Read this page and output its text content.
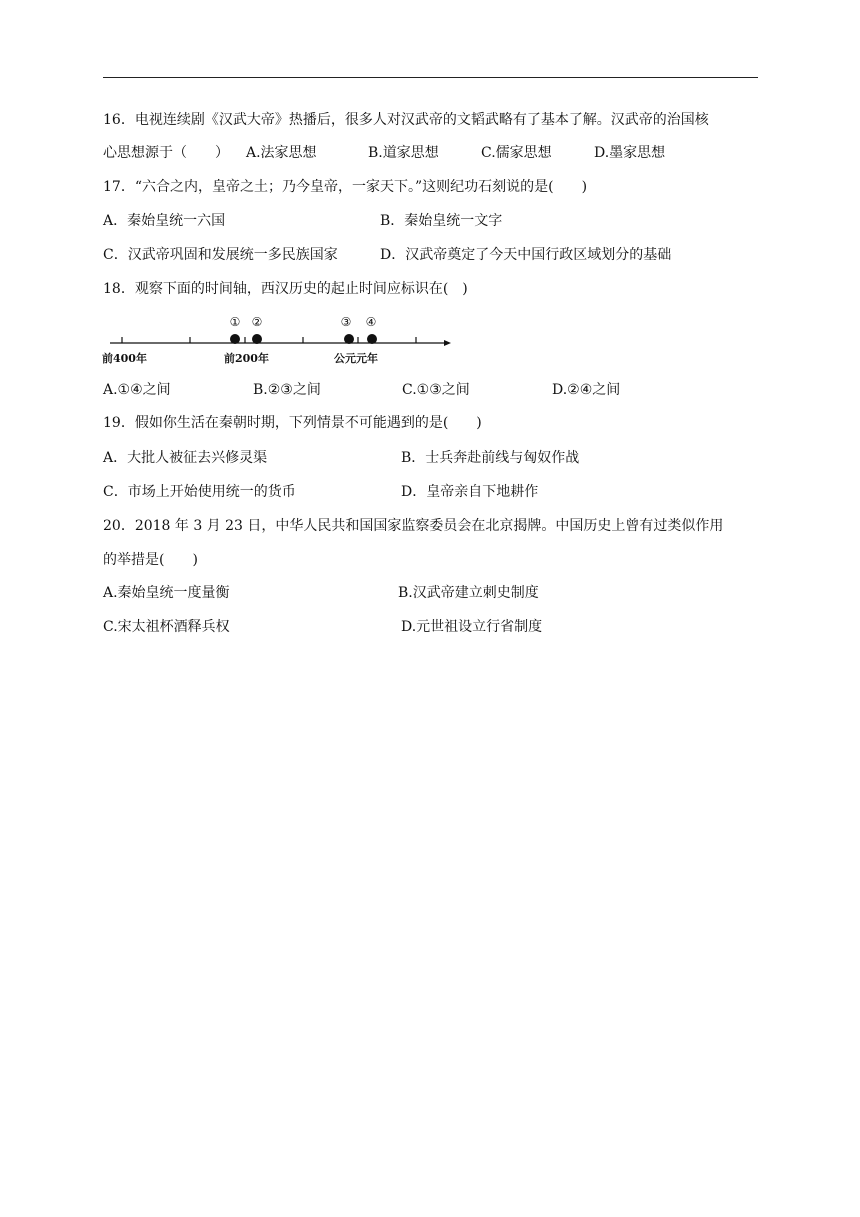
16．电视连续剧《汉武大帝》热播后，很多人对汉武帝的文韬武略有了基本了解。汉武帝的治国核
心思想源于（　　） A.法家思想	B.道家思想	C.儒家思想	D.墨家思想
17．“六合之内，皇帝之土；乃今皇帝，一家天下。”这则纪功石刻说的是(　　)
A．秦始皇统一六国	B．秦始皇统一文字
C．汉武帝巩固和发展统一多民族国家	D．汉武帝奠定了今天中国行政区域划分的基础
18．观察下面的时间轴，西汉历史的起止时间应标识在(　)
① ②	③ ④
前400年	前200年	公元元年
A.①④之间	B.②③之间	C.①③之间	D.②④之间
19．假如你生活在秦朝时期，下列情景不可能遇到的是(　　)
A．大批人被征去兴修灵渠	B．士兵奔赴前线与匈奴作战
C．市场上开始使用统一的货币	D．皇帝亲自下地耕作
20．2018 年 3 月 23 日，中华人民共和国国家监察委员会在北京揭牌。中国历史上曾有过类似作用
的举措是(　　)
A.秦始皇统一度量衡	B.汉武帝建立刺史制度
C.宋太祖杯酒释兵权	D.元世祖设立行省制度
